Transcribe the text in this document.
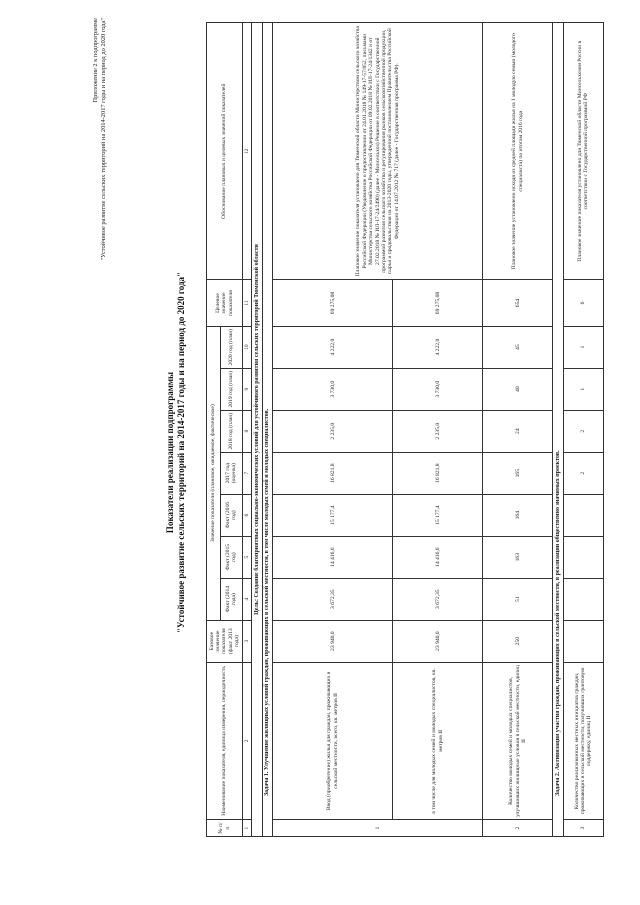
Приложение 2 к подпрограмме "Устойчивое развитие сельских территорий на 2014-2017 годы и на период до 2020 года"
Показатели реализации подпрограммы "Устойчивое развитие сельских территорий на 2014-2017 годы и на период до 2020 года"
№ п/п	Наименование показателя, единица измерения, периодичность	Базовое значение показателя (факт 2013 года)	Значение показателя (плановое, ожидаемое, фактическое)							Целевое значение показателя	Обоснование плановых и целевых значений показателей
			Факт (2014 года)	Факт (2015 год)	Факт (2016 год)	2017 год (оценка)	2018 год (план)	2019 год (план)	2020 год (план)		
1	2	3	4	5	6	7	8	9	10	11	12
Цель: Создание благоприятных социально-экономических условий для устойчивого развития сельских территорий Тюменской области											
Задача 1. Улучшение жилищных условий граждан, проживающих в сельской местности, в том числе молодых семей и молодых специалистов.											
1	Ввод (приобретение) жилья для граждан, проживающих в сельской местности, всего, кв. метров II	23 940,0	3 672,35	14 416,6	15 177,4	16 821,8	2 235,0	3 730,0	4 222,0	69 275,08	Плановое значение показателя установлено для Тюменской области Министерством сельского хозяйства Российской Федерации (Уведомление о предоставлении от 24.01.2018 № 149-17-57/852, письмами Министерства сельского хозяйства Российской Федерации от 09.02.2018 № ИЛ-17-24/1342 и от 27.02.2018 № ИЛ-17-24/2490) (далее - Минсельхоз) Решение в соответствии с Государственной программой развития сельского хозяйства и регулирования рынков сельскохозяйственной продукции, сырья и продовольствия на 2013-2020 годы, утвержденной постановлением Правительства Российской Федерации от 14.07.2012 № 717 (далее - Государственная программа РФ).
	в том числе для молодых семей и молодых специалистов, кв. метров II	23 940,0	3 672,35	14 416,6	15 177,4	16 821,8	2 235,0	3 730,0	4 222,0	69 275,08	
2	Количество молодых семей и молодых специалистов, улучшивших жилищные условия в сельской местности, единиц II	250	51	163	164	165	24	40	45	654	Плановое значение установлено исходя из средней площади жилья на 1 молодую семью (молодого специалиста) по итогам 2016 года
Задача 2. Активизация участия граждан, проживающих в сельской местности, в реализации общественно значимых проектов.											
3	Количество реализованных местных инициатив граждан, проживающих в сельской местности, получивших грантовую поддержку, единиц II					2	2	1	1	6	Плановое значение показателя установлено для Тюменской области Минсельхозом России в соответствии с Государственной программой РФ
